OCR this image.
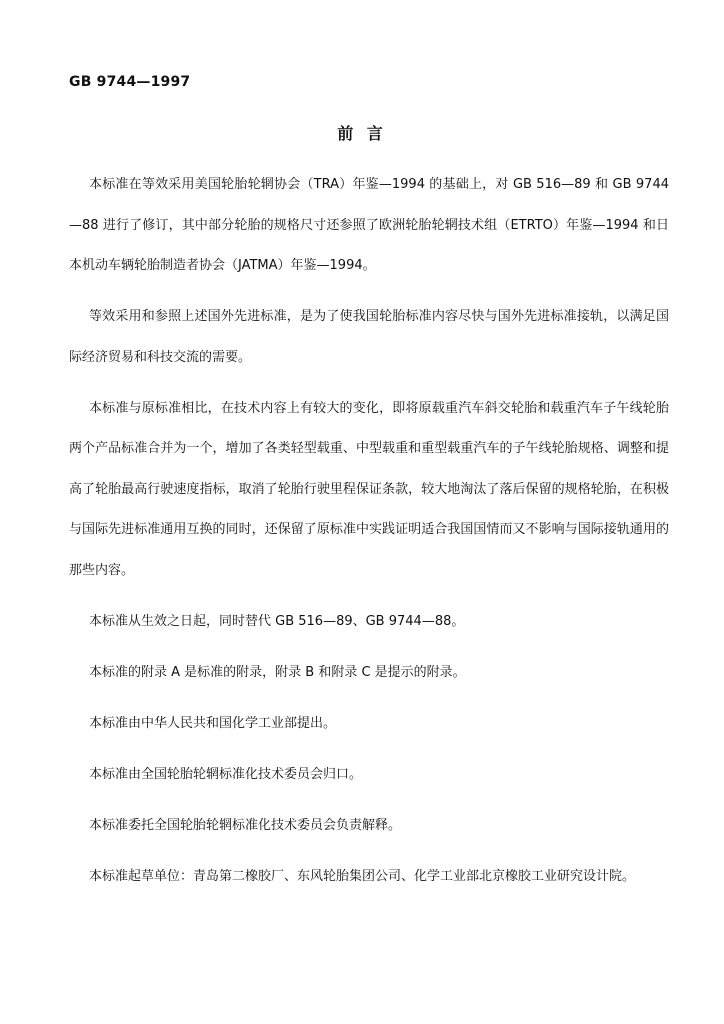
GB 9744—1997
前 言

本标准在等效采用美国轮胎轮辋协会（TRA）年鉴—1994 的基础上，对 GB 516—89 和 GB 9744—88 进行了修订，其中部分轮胎的规格尺寸还参照了欧洲轮胎轮辋技术组（ETRTO）年鉴—1994 和日本机动车辆轮胎制造者协会（JATMA）年鉴—1994。

等效采用和参照上述国外先进标准，是为了使我国轮胎标准内容尽快与国外先进标准接轨，以满足国际经济贸易和科技交流的需要。

本标准与原标准相比，在技术内容上有较大的变化，即将原载重汽车斜交轮胎和载重汽车子午线轮胎两个产品标准合并为一个，增加了各类轻型载重、中型载重和重型载重汽车的子午线轮胎规格、调整和提高了轮胎最高行驶速度指标，取消了轮胎行驶里程保证条款，较大地淘汰了落后保留的规格轮胎，在积极与国际先进标准通用互换的同时，还保留了原标准中实践证明适合我国国情而又不影响与国际接轨通用的那些内容。

本标准从生效之日起，同时替代 GB 516—89、GB 9744—88。

本标准的附录 A 是标准的附录，附录 B 和附录 C 是提示的附录。

本标准由中华人民共和国化学工业部提出。

本标准由全国轮胎轮辋标准化技术委员会归口。

本标准委托全国轮胎轮辋标准化技术委员会负责解释。

本标准起草单位：青岛第二橡胶厂、东风轮胎集团公司、化学工业部北京橡胶工业研究设计院。
